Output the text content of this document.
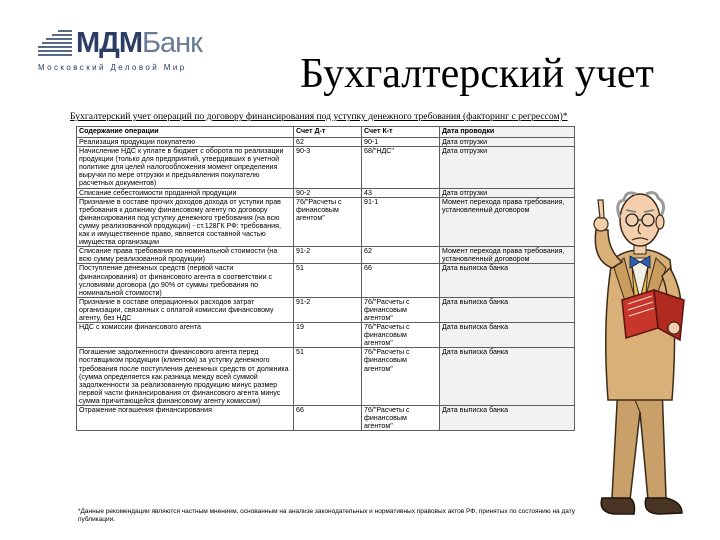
МДМБанк
Московский Деловой Мир	Бухгалтерский учет
Бухгалтерский учет операций по договору финансирования под уступку денежного требования (факторинг с регрессом)*
Содержание операции	Счет Д-т	Счет К-т	Дата проводки
Реализация продукции покупателю	62	90-1	Дата отгрузки
Начисление НДС к уплате в бюджет с оборота по реализации продукции (только для предприятий, утвердивших в учетной политике для целей налогообложения момент определения выручки по мере отгрузки и предъявления покупателю расчетных документов)	90-3	68/"НДС"	Дата отгрузки
Списание себестоимости проданной продукции	90-2	43	Дата отгрузки
Признание в составе прочих доходов дохода от уступки прав требования к должнику финансовому агенту по договору финансирования под уступку денежного требования (на всю сумму реализованной продукции) - ст.128ГК РФ: требования, как и имущественное право, является составной частью имущества организации	76/"Расчеты с финансовым агентом"	91-1	Момент перехода права требования, установленный договором
Списание права требования по номинальной стоимости (на всю сумму реализованной продукции)	91-2	62	Момент перехода права требования, установленный договором
Поступление денежных средств (первой части финансирования) от финансового агента в соответствии с условиями договора (до 90% от суммы требования по номинальной стоимости)	51	66	Дата выписка банка
Признание в составе операционных расходов затрат организации, связанных с оплатой комиссии финансовому агенту, без НДС	91-2	76/"Расчеты с финансовым агентом"	Дата выписка банка
НДС с комиссии финансового агента	19	76/"Расчеты с финансовым агентом"	Дата выписка банка
Погашение задолженности финансового агента перед поставщиком продукции (клиентом) за уступку денежного требования после поступления денежных средств от должника (сумма определяется как разница между всей суммой задолженности за реализованную продукцию минус размер первой части финансирования от финансового агента минус сумма причитающейся финансовому агенту комиссии)	51	76/"Расчеты с финансовым агентом"	Дата выписка банка
Отражение погашения финансирования	66	76/"Расчеты с финансовым агентом"	Дата выписка банка
*Данные рекомендации являются частным мнением, основанным на анализе законодательных и нормативных правовых актов РФ, принятых по состоянию на дату публикации.
